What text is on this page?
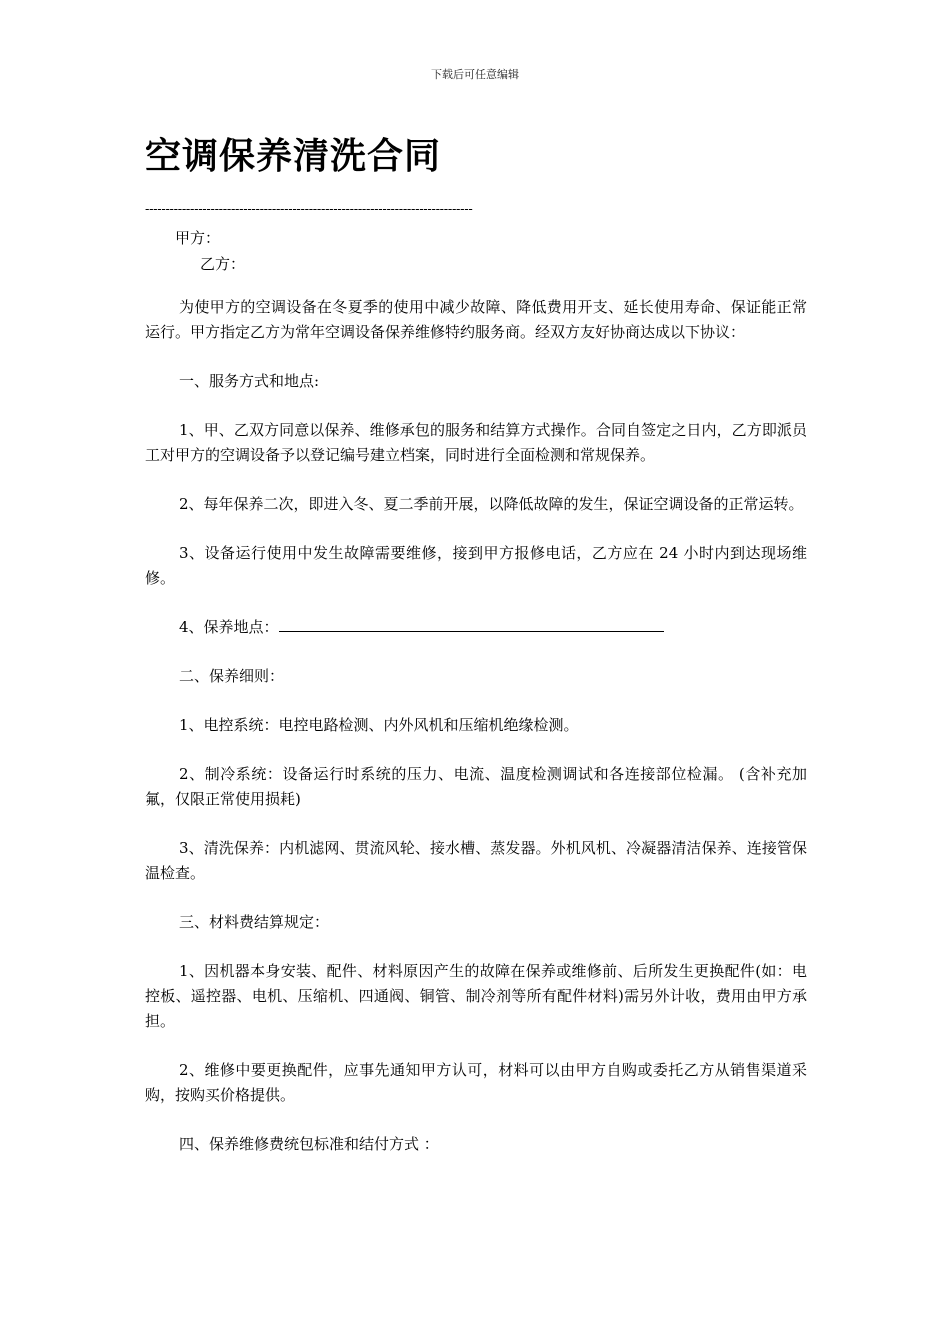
下载后可任意编辑
空调保养清洗合同
--------------------------------------------------------------------------------
甲方：
乙方：

为使甲方的空调设备在冬夏季的使用中减少故障、降低费用开支、延长使用寿命、保证能正常运行。甲方指定乙方为常年空调设备保养维修特约服务商。经双方友好协商达成以下协议：

一、服务方式和地点:

1、甲、乙双方同意以保养、维修承包的服务和结算方式操作。合同自签定之日内，乙方即派员工对甲方的空调设备予以登记编号建立档案，同时进行全面检测和常规保养。

2、每年保养二次，即进入冬、夏二季前开展，以降低故障的发生，保证空调设备的正常运转。

3、设备运行使用中发生故障需要维修，接到甲方报修电话，乙方应在 24 小时内到达现场维修。

4、保养地点：

二、保养细则：

1、电控系统：电控电路检测、内外风机和压缩机绝缘检测。

2、制冷系统：设备运行时系统的压力、电流、温度检测调试和各连接部位检漏。 (含补充加氟，仅限正常使用损耗)

3、清洗保养：内机滤网、贯流风轮、接水槽、蒸发器。外机风机、冷凝器清洁保养、连接管保温检查。

三、材料费结算规定：

1、因机器本身安装、配件、材料原因产生的故障在保养或维修前、后所发生更换配件(如：电控板、遥控器、电机、压缩机、四通阀、铜管、制冷剂等所有配件材料)需另外计收，费用由甲方承担。

2、维修中要更换配件，应事先通知甲方认可，材料可以由甲方自购或委托乙方从销售渠道采购，按购买价格提供。

四、保养维修费统包标准和结付方式 ：
